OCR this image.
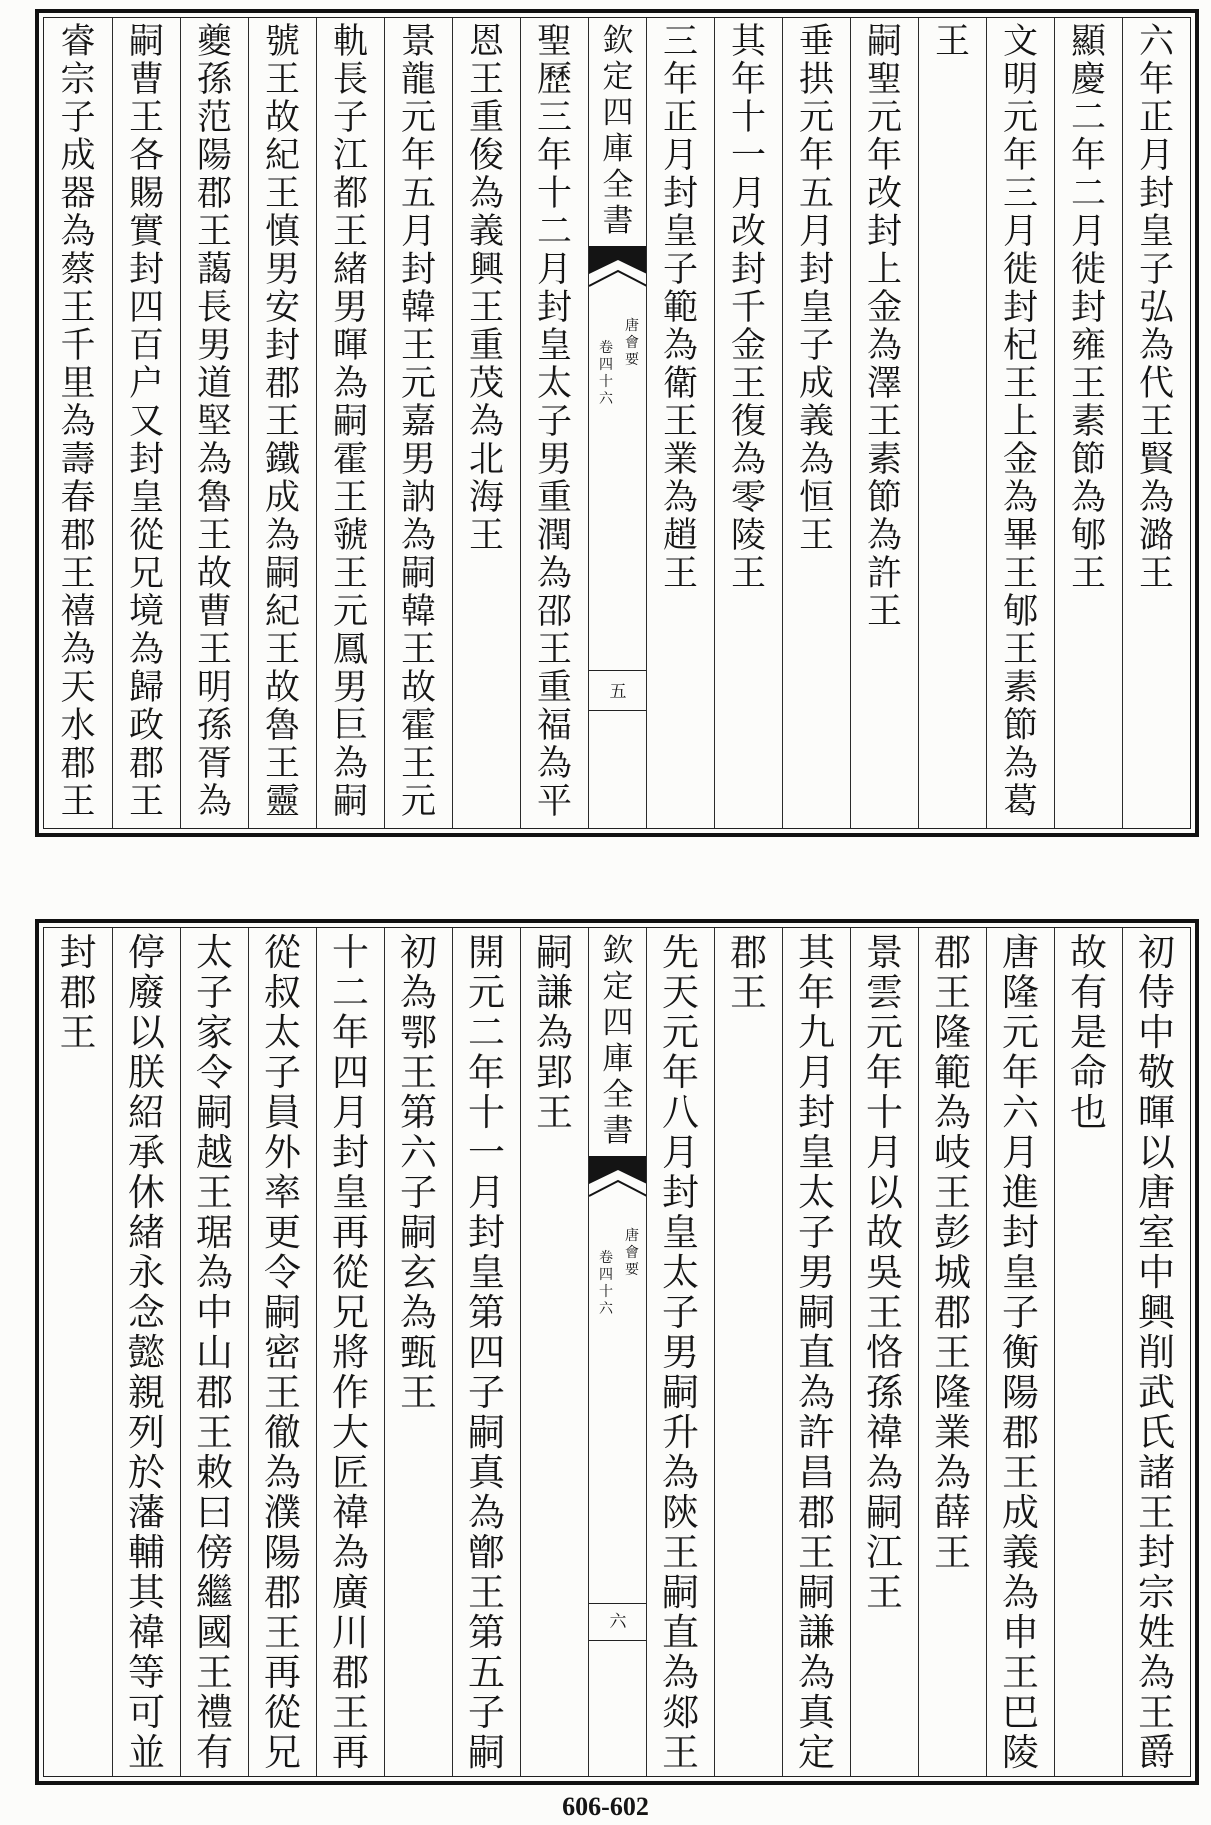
六
年
正
月
封
皇
子
弘
為
代
王
賢
為
潞
王
顯
慶
二
年
二
月
徙
封
雍
王
素
節
為
郇
王
文
明
元
年
三
月
徙
封
杞
王
上
金
為
畢
王
郇
王
素
節
為
葛
王
嗣
聖
元
年
改
封
上
金
為
澤
王
素
節
為
許
王
垂
拱
元
年
五
月
封
皇
子
成
義
為
恒
王
其
年
十
一
月
改
封
千
金
王
復
為
零
陵
王
三
年
正
月
封
皇
子
範
為
衛
王
業
為
趙
王
欽
定
四
庫
全
書
唐
會
要
卷
四
十
六
五
聖
歷
三
年
十
二
月
封
皇
太
子
男
重
潤
為
邵
王
重
福
為
平
恩
王
重
俊
為
義
興
王
重
茂
為
北
海
王
景
龍
元
年
五
月
封
韓
王
元
嘉
男
訥
為
嗣
韓
王
故
霍
王
元
軌
長
子
江
都
王
緒
男
暉
為
嗣
霍
王
虢
王
元
鳳
男
巨
為
嗣
號
王
故
紀
王
慎
男
安
封
郡
王
鐵
成
為
嗣
紀
王
故
魯
王
靈
夔
孫
范
陽
郡
王
藹
長
男
道
堅
為
魯
王
故
曹
王
明
孫
胥
為
嗣
曹
王
各
賜
實
封
四
百
户
又
封
皇
從
兄
境
為
歸
政
郡
王
睿
宗
子
成
器
為
蔡
王
千
里
為
壽
春
郡
王
禧
為
天
水
郡
王
初
侍
中
敬
暉
以
唐
室
中
興
削
武
氏
諸
王
封
宗
姓
為
王
爵
故
有
是
命
也
唐
隆
元
年
六
月
進
封
皇
子
衡
陽
郡
王
成
義
為
申
王
巴
陵
郡
王
隆
範
為
岐
王
彭
城
郡
王
隆
業
為
薛
王
景
雲
元
年
十
月
以
故
吳
王
恪
孫
禕
為
嗣
江
王
其
年
九
月
封
皇
太
子
男
嗣
直
為
許
昌
郡
王
嗣
謙
為
真
定
郡
王
先
天
元
年
八
月
封
皇
太
子
男
嗣
升
為
陝
王
嗣
直
為
郯
王
欽
定
四
庫
全
書
唐
會
要
卷
四
十
六
六
嗣
謙
為
郢
王
開
元
二
年
十
一
月
封
皇
第
四
子
嗣
真
為
鄫
王
第
五
子
嗣
初
為
鄂
王
第
六
子
嗣
玄
為
甄
王
十
二
年
四
月
封
皇
再
從
兄
將
作
大
匠
禕
為
廣
川
郡
王
再
從
叔
太
子
員
外
率
更
令
嗣
密
王
徹
為
濮
陽
郡
王
再
從
兄
太
子
家
令
嗣
越
王
琚
為
中
山
郡
王
敕
曰
傍
繼
國
王
禮
有
停
廢
以
朕
紹
承
休
緒
永
念
懿
親
列
於
藩
輔
其
禕
等
可
並
封
郡
王
606-602
